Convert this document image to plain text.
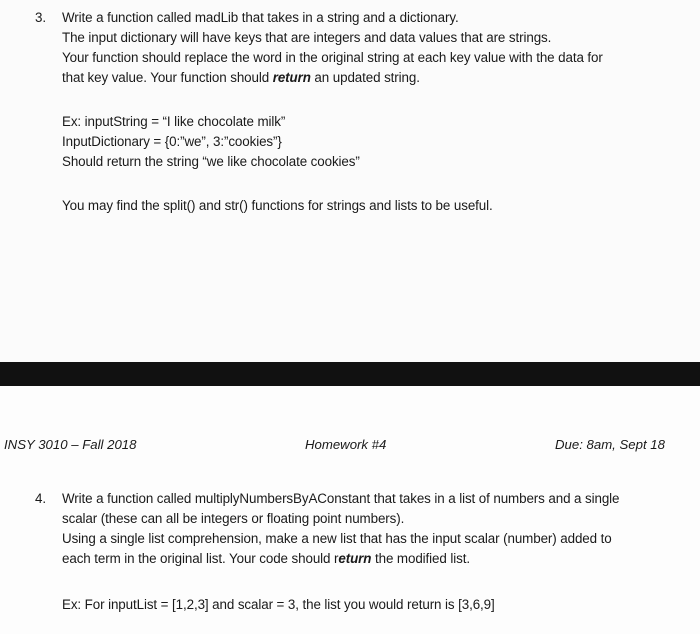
3. Write a function called madLib that takes in a string and a dictionary.
The input dictionary will have keys that are integers and data values that are strings.
Your function should replace the word in the original string at each key value with the data for
that key value. Your function should return an updated string.
Ex: inputString = “I like chocolate milk”
InputDictionary = {0:”we”, 3:”cookies”}
Should return the string “we like chocolate cookies”
You may find the split() and str() functions for strings and lists to be useful.
INSY 3010 – Fall 2018	Homework #4	Due: 8am, Sept 18
4. Write a function called multiplyNumbersByAConstant that takes in a list of numbers and a single
scalar (these can all be integers or floating point numbers).
Using a single list comprehension, make a new list that has the input scalar (number) added to
each term in the original list. Your code should return the modified list.
Ex: For inputList = [1,2,3] and scalar = 3, the list you would return is [3,6,9]
